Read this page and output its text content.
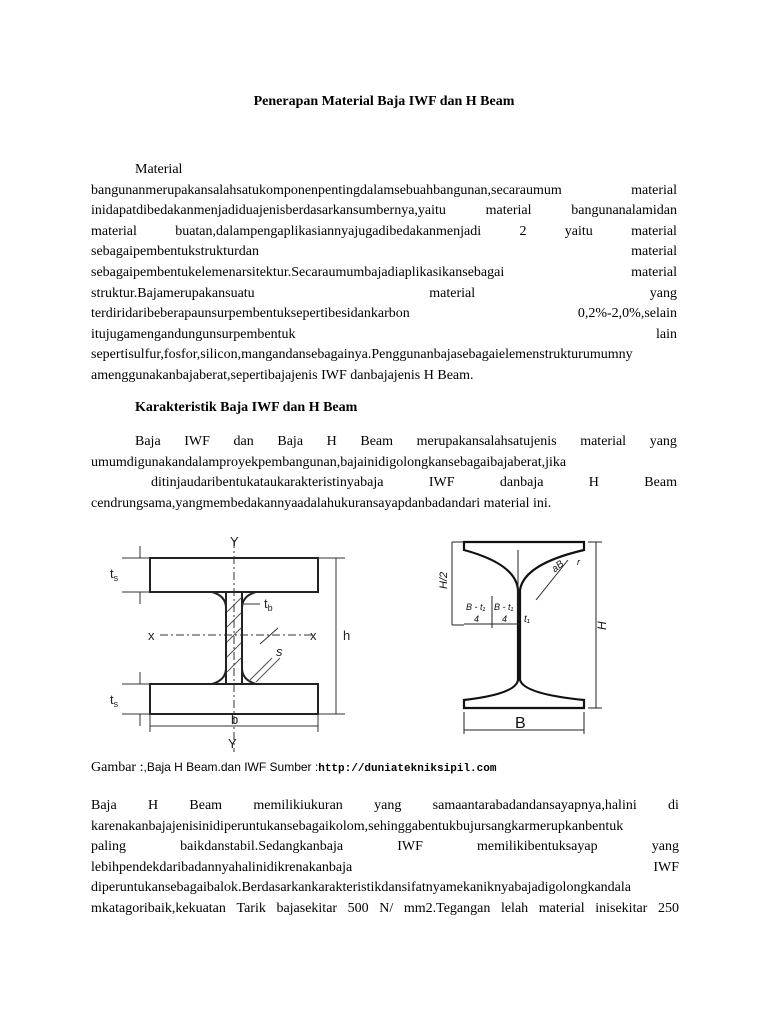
Penerapan Material Baja IWF dan H Beam
Material
bangunanmerupakansalahsatukomponenpentingdalamsebuahbangunan,secaraumum	material
inidapatdibedakanmenjadiduajenisberdasarkansumbernya,yaitu	material	bangunanalamidan
material	buatan,dalampengaplikasiannyajugadibedakanmenjadi	2	yaitu	material
sebagaipembentukstrukturdan	material
sebagaipembentukelemenarsitektur.Secaraumumbajadiaplikasikansebagai	material
struktur.Bajamerupakansuatu	material	yang
terdiridaribeberapaunsurpembentuksepertibesidankarbon	0,2%-2,0%,selain
itujugamengandungunsurpembentuk	lain
sepertisulfur,fosfor,silicon,mangandansebagainya.Penggunanbajasebagaielemenstrukturumumny
amenggunakanbajaberat,sepertibajajenis IWF danbajajenis H Beam.
Karakteristik Baja IWF dan H Beam
Baja IWF dan Baja H Beam merupakansalahsatujenis material yang
umumdigunakandalamproyekpembangunan,bajainidigolongkansebagaibajaberat,jika
ditinjaudaribentukataukarakteristinyabaja	IWF	danbaja	H	Beam
cendrungsama,yangmembedakannyaadalahukuransayapdanbadandari material ini.
Y
Y
$t_s$
$t_s$
$t_b$
x	x h
s
b
H/2
H
B
B - t₁
4
B - t₁
4 t₁
aB r
Gambar :,Baja H Beam.dan IWF Sumber :http://duniatekniksipil.com
Baja H Beam memilikiukuran yang samaantarabadandansayapnya,halini di
karenakanbajajenisinidiperuntukansebagaikolom,sehinggabentukbujursangkarmerupkanbentuk
paling	baikdanstabil.Sedangkanbaja	IWF	memilikibentuksayap	yang
lebihpendekdaribadannyahalinidikrenakanbaja	IWF
diperuntukansebagaibalok.Berdasarkankarakteristikdansifatnyamekaniknyabajadigolongkandala
mkatagoribaik,kekuatan Tarik bajasekitar 500 N/ mm2.Tegangan lelah material inisekitar 250
